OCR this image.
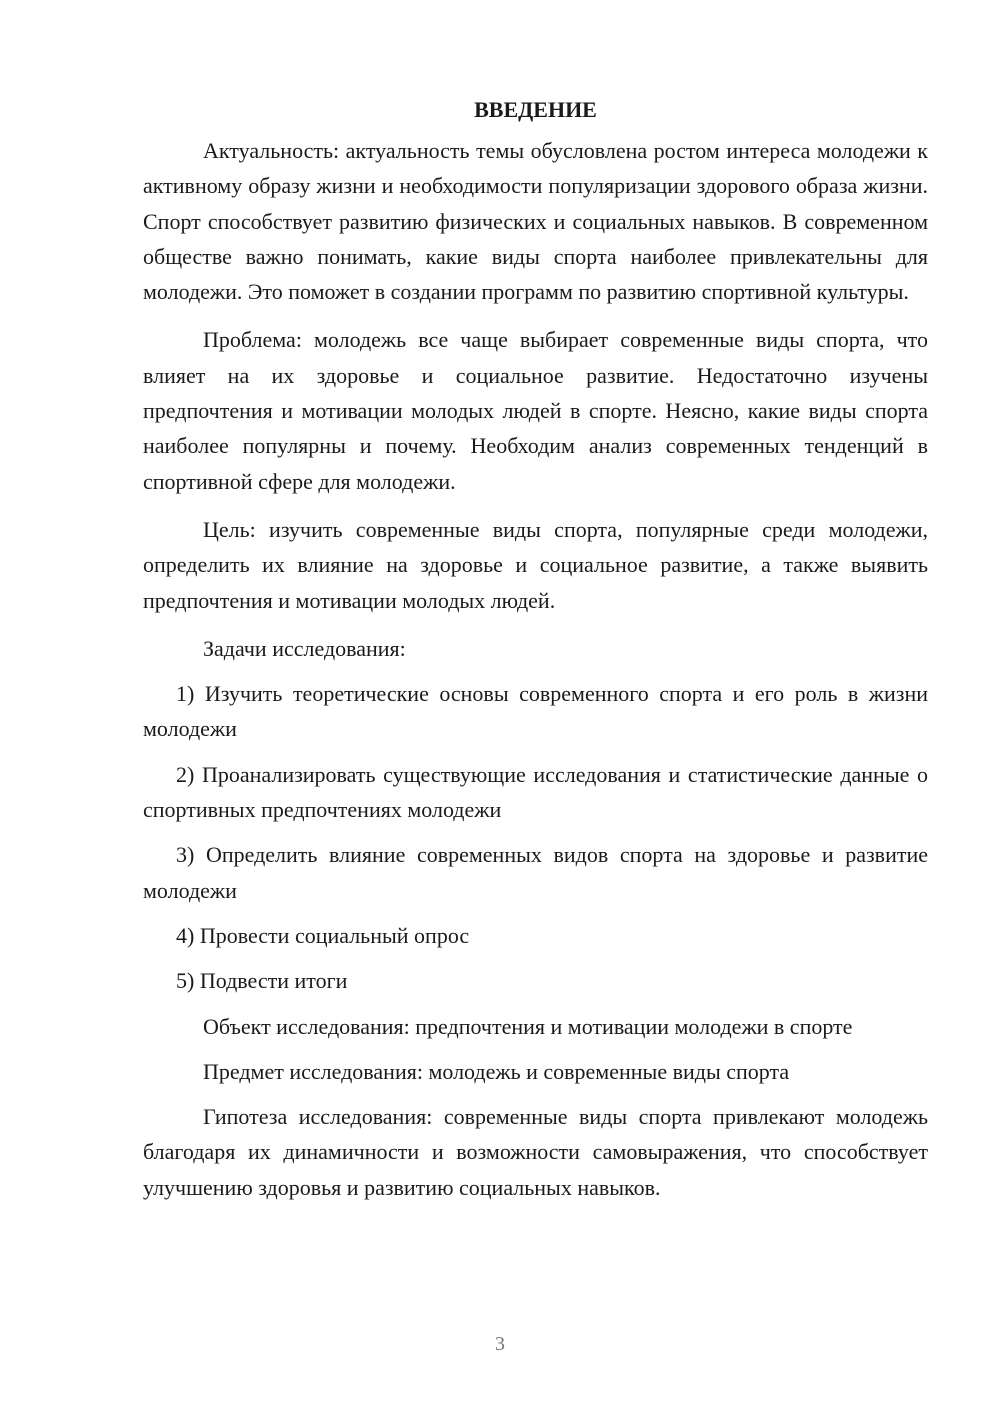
ВВЕДЕНИЕ

Актуальность: актуальность темы обусловлена ростом интереса молодежи к активному образу жизни и необходимости популяризации здорового образа жизни. Спорт способствует развитию физических и социальных навыков. В современном обществе важно понимать, какие виды спорта наиболее привлекательны для молодежи. Это поможет в создании программ по развитию спортивной культуры.

Проблема: молодежь все чаще выбирает современные виды спорта, что влияет на их здоровье и социальное развитие. Недостаточно изучены предпочтения и мотивации молодых людей в спорте. Неясно, какие виды спорта наиболее популярны и почему. Необходим анализ современных тенденций в спортивной сфере для молодежи.

Цель: изучить современные виды спорта, популярные среди молодежи, определить их влияние на здоровье и социальное развитие, а также выявить предпочтения и мотивации молодых людей.

Задачи исследования:

1) Изучить теоретические основы современного спорта и его роль в жизни молодежи

2) Проанализировать существующие исследования и статистические данные о спортивных предпочтениях молодежи

3) Определить влияние современных видов спорта на здоровье и развитие молодежи

4) Провести социальный опрос

5) Подвести итоги

Объект исследования: предпочтения и мотивации молодежи в спорте

Предмет исследования: молодежь и современные виды спорта

Гипотеза исследования: современные виды спорта привлекают молодежь благодаря их динамичности и возможности самовыражения, что способствует улучшению здоровья и развитию социальных навыков.

3
